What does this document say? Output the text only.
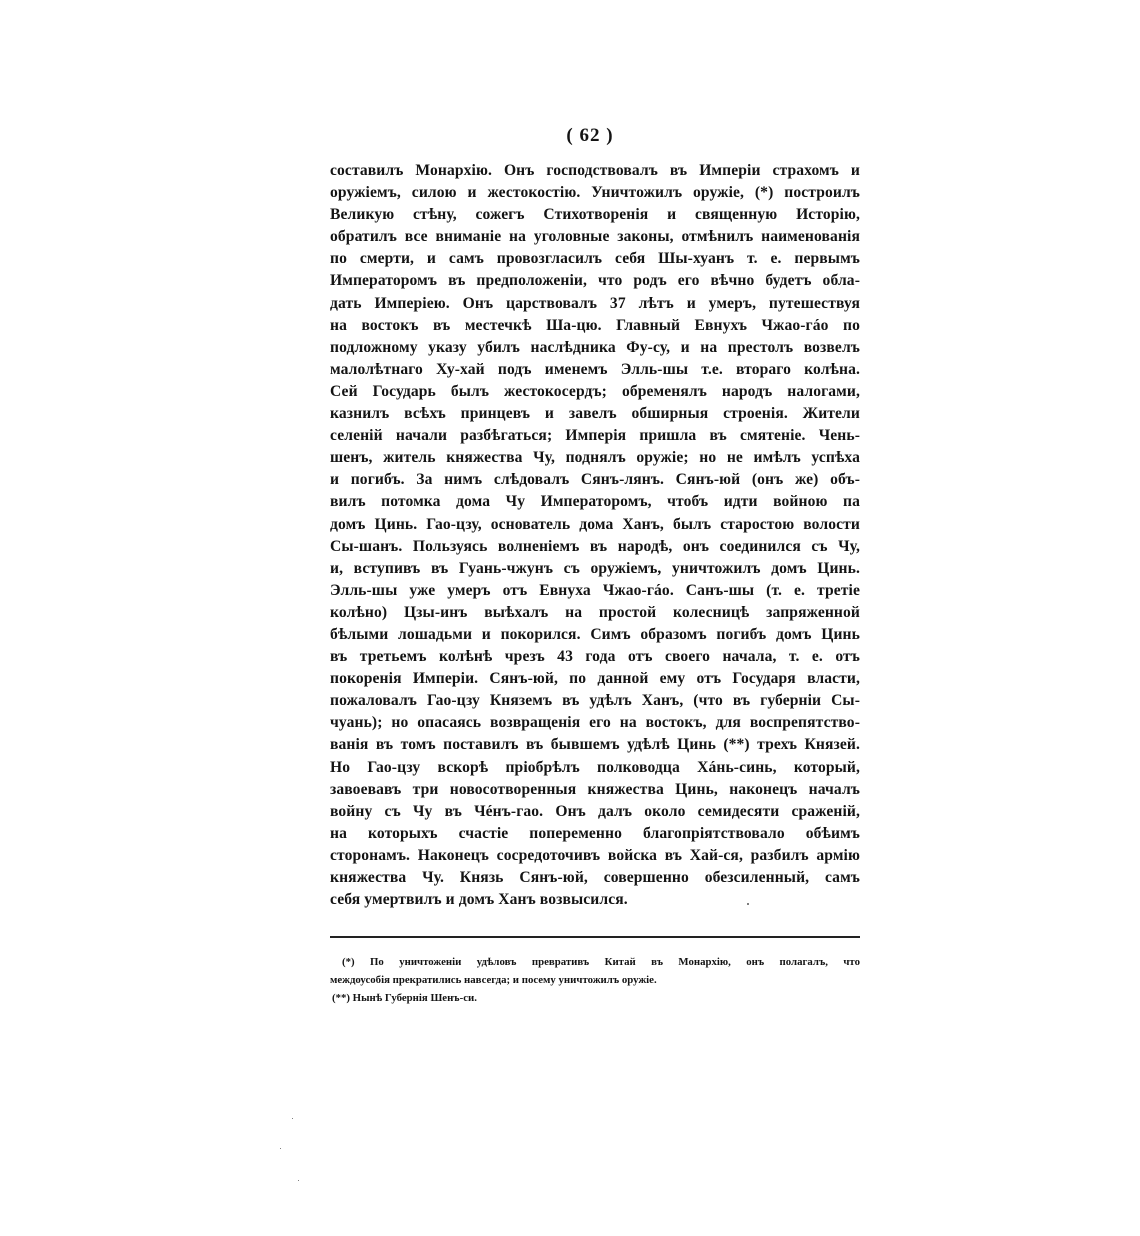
( 62 )
составилъ Монархію. Онъ господствовалъ въ Имперіи страхомъ и
оружіемъ, силою и жестокостію. Уничтожилъ оружіе, (*) построилъ
Великую стѣну, сожегъ Стихотворенія и священную Исторію,
обратилъ все вниманіе на уголовные законы, отмѣнилъ наименованія
по смерти, и самъ провозгласилъ себя Шы-хуанъ т. е. первымъ
Императоромъ въ предположеніи, что родъ его вѣчно будетъ обла-
дать Имперіею. Онъ царствовалъ 37 лѣтъ и умеръ, путешествуя
на востокъ въ местечкѣ Ша-цю. Главный Евнухъ Чжао-гáо по
подложному указу убилъ наслѣдника Фу-су, и на престолъ возвелъ
малолѣтнаго Ху-хай подъ именемъ Элль-шы т.е. втораго колѣна.
Сей Государь былъ жестокосердъ; обременялъ народъ налогами,
казнилъ всѣхъ принцевъ и завелъ обширныя строенія. Жители
селеній начали разбѣгаться; Имперія пришла въ смятеніе. Чень-
шенъ, житель княжества Чу, поднялъ оружіе; но не имѣлъ успѣха
и погибъ. За нимъ слѣдовалъ Сянъ-лянъ. Сянъ-юй (онъ же) объ-
вилъ потомка дома Чу Императоромъ, чтобъ идти войною па
домъ Цинь. Гао-цзу, основатель дома Ханъ, былъ старостою волости
Сы-шанъ. Пользуясь волненіемъ въ народѣ, онъ соединился съ Чу,
и, вступивъ въ Гуань-чжунъ съ оружіемъ, уничтожилъ домъ Цинь.
Элль-шы уже умеръ отъ Евнуха Чжао-гáо. Санъ-шы (т. е. третіе
колѣно) Цзы-инъ выѣхалъ на простой колесницѣ запряженной
бѣлыми лошадьми и покорился. Симъ образомъ погибъ домъ Цинь
въ третьемъ колѣнѣ чрезъ 43 года отъ своего начала, т. е. отъ
покоренія Имперіи. Сянъ-юй, по данной ему отъ Государя власти,
пожаловалъ Гао-цзу Княземъ въ удѣлъ Ханъ, (что въ губерніи Сы-
чуань); но опасаясь возвращенія его на востокъ, для воспрепятство-
ванія въ томъ поставилъ въ бывшемъ удѣлѣ Цинь (**) трехъ Князей.
Но Гао-цзу вскорѣ пріобрѣлъ полководца Хáнь-синь, который,
завоевавъ три новосотворенныя княжества Цинь, наконецъ началъ
войну съ Чу въ Чéнъ-гао. Онъ далъ около семидесяти сраженій,
на которыхъ счастіе попеременно благопріятствовало обѣимъ
сторонамъ. Наконецъ сосредоточивъ войска въ Хай-ся, разбилъ армію
княжества Чу. Князь Сянъ-юй, совершенно обезсиленный, самъ
себя умертвилъ и домъ Ханъ возвысился.
(*) По уничтоженіи удѣловъ превративъ Китай въ Монархію, онъ полагалъ, что
междоусобія прекратились навсегда; и посему уничтожилъ оружіе.
(**) Нынѣ Губернія Шенъ-си.
